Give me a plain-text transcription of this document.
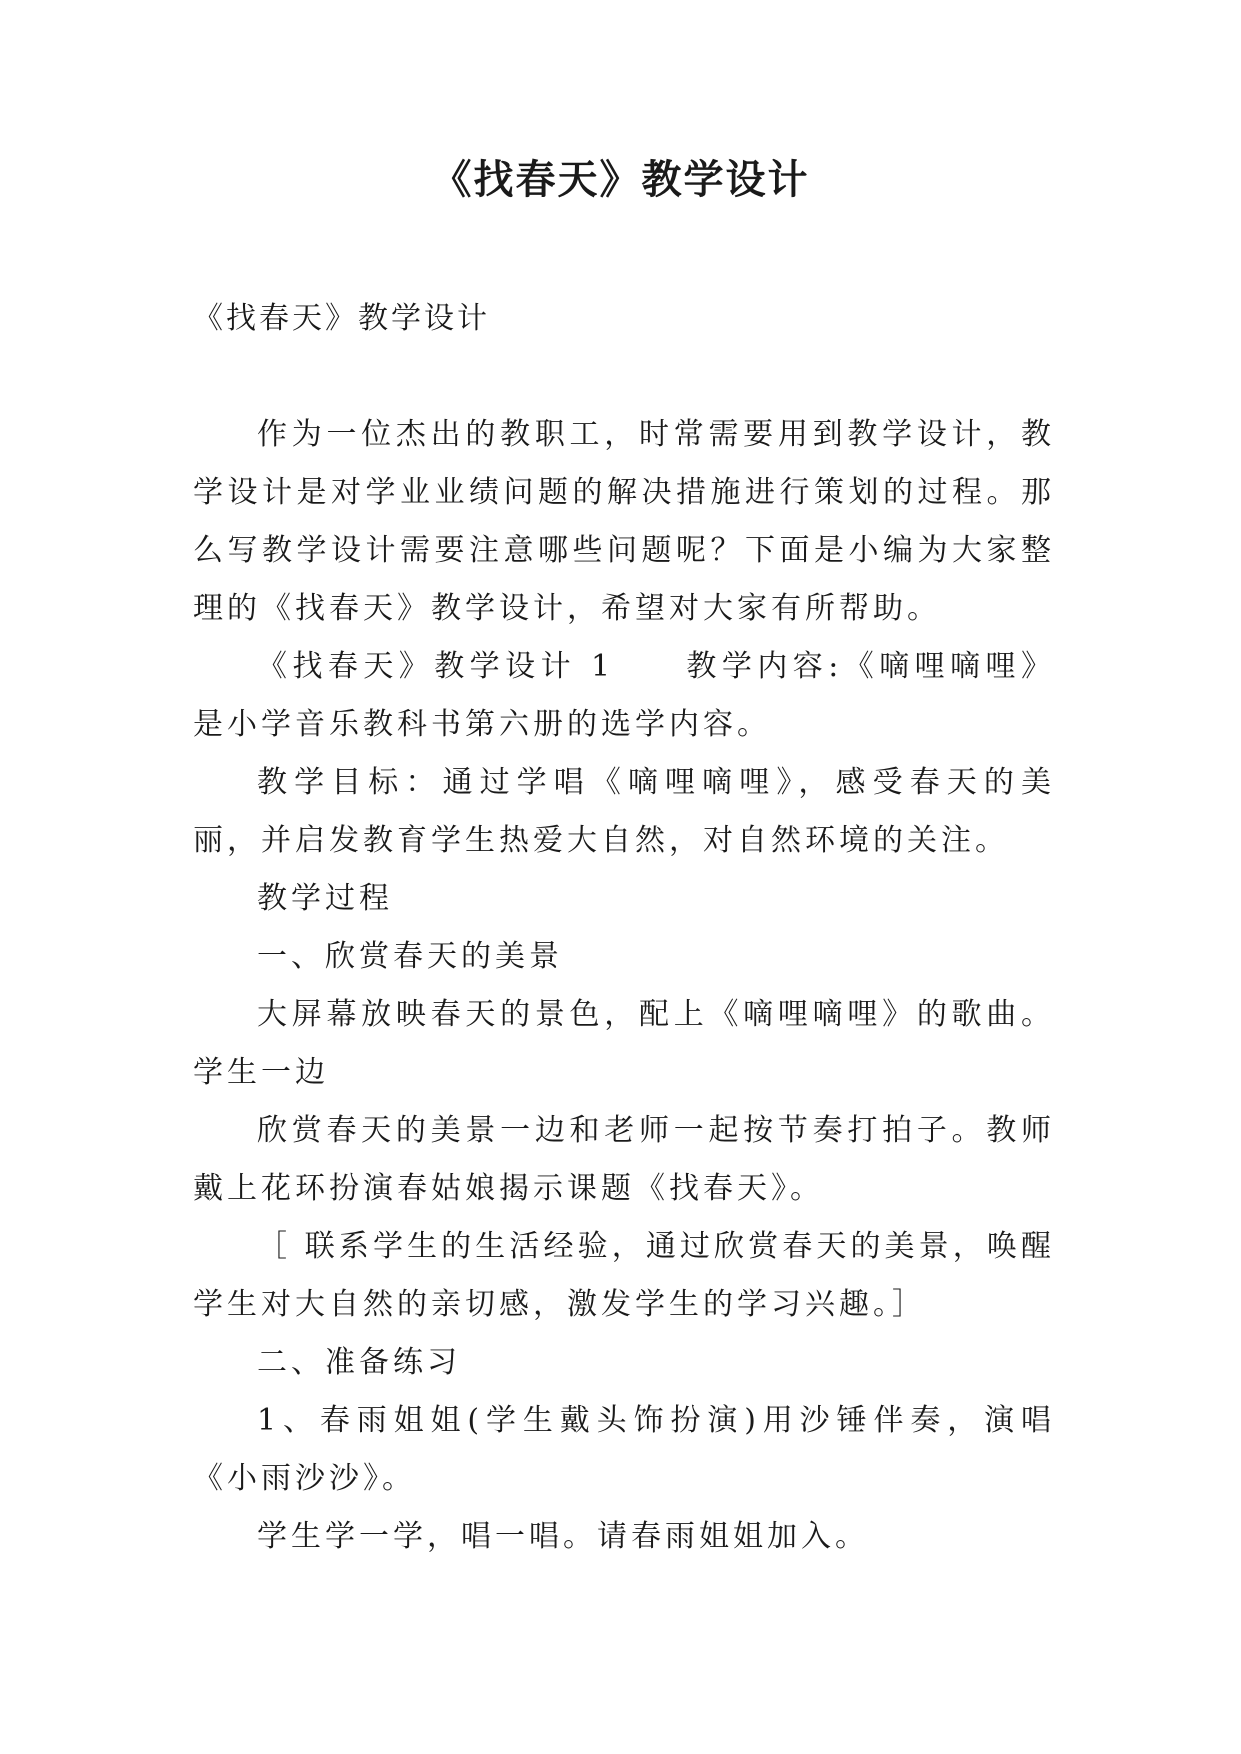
《找春天》教学设计

《找春天》教学设计

作为一位杰出的教职工，时常需要用到教学设计，教学设计是对学业业绩问题的解决措施进行策划的过程。那么写教学设计需要注意哪些问题呢？下面是小编为大家整理的《找春天》教学设计，希望对大家有所帮助。

《找春天》教学设计 1　　教学内容:《嘀哩嘀哩》是小学音乐教科书第六册的选学内容。

教学目标：通过学唱《嘀哩嘀哩》，感受春天的美丽，并启发教育学生热爱大自然，对自然环境的关注。

教学过程

一、欣赏春天的美景

大屏幕放映春天的景色，配上《嘀哩嘀哩》的歌曲。学生一边

欣赏春天的美景一边和老师一起按节奏打拍子。教师戴上花环扮演春姑娘揭示课题《找春天》。

［ 联系学生的生活经验，通过欣赏春天的美景，唤醒学生对大自然的亲切感，激发学生的学习兴趣。］

二、准备练习

1、春雨姐姐(学生戴头饰扮演)用沙锤伴奏，演唱《小雨沙沙》。

学生学一学，唱一唱。请春雨姐姐加入。
